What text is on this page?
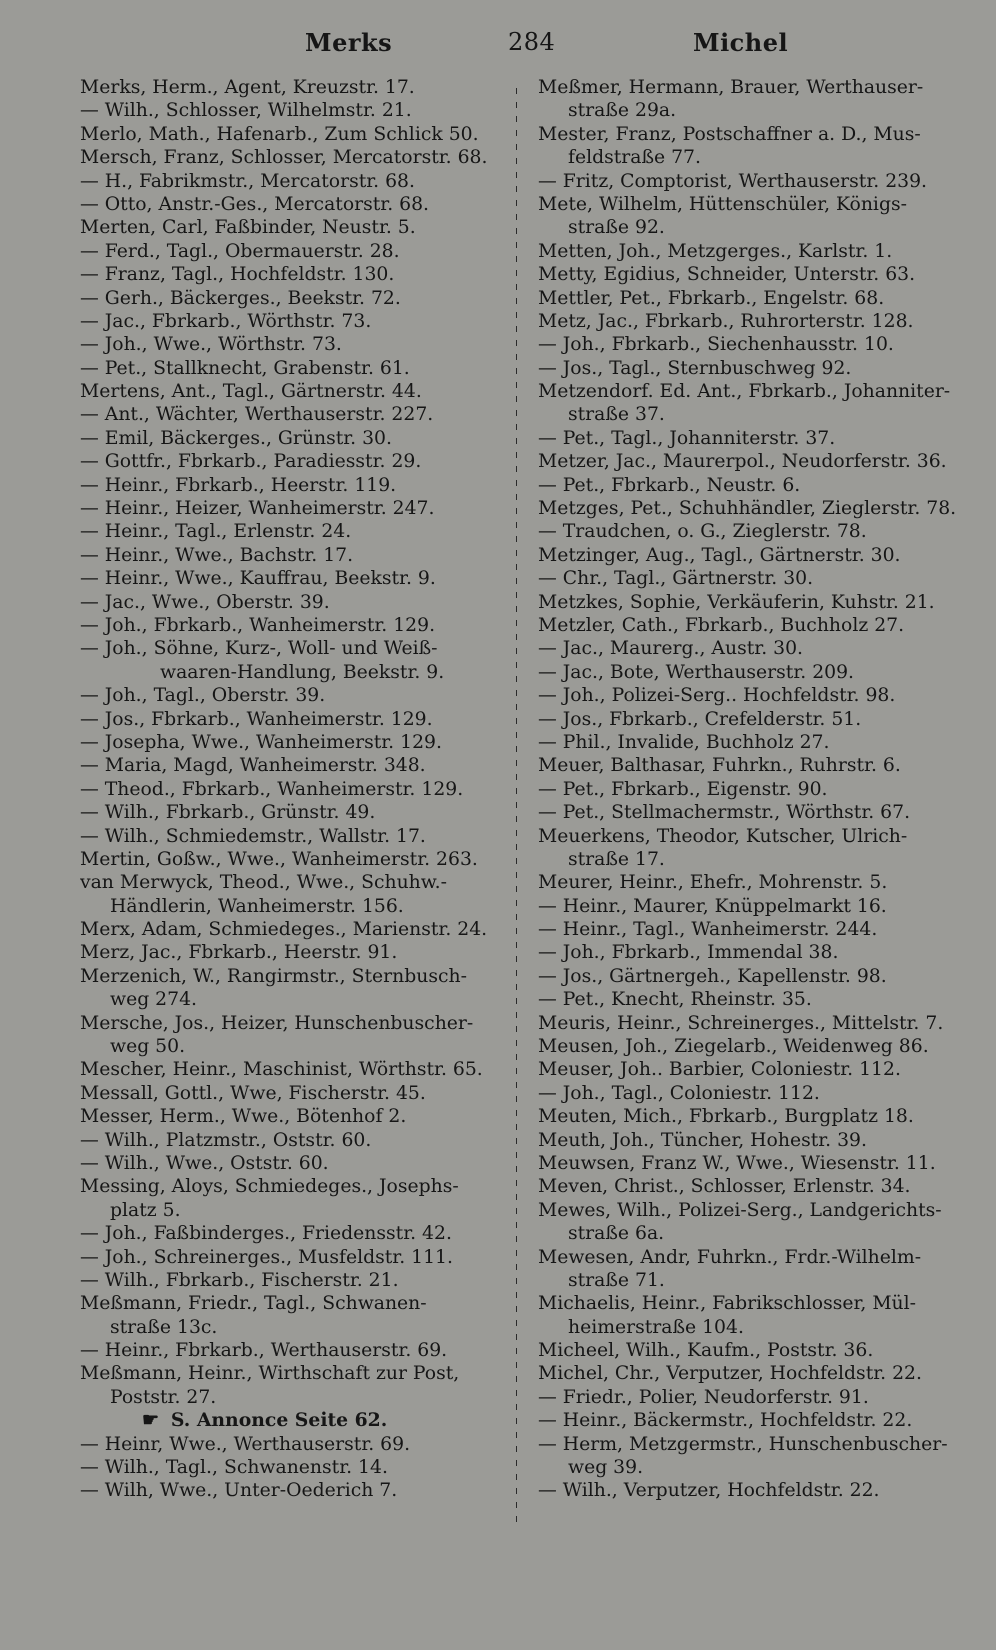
Merks	284	Michel
Merks, Herm., Agent, Kreuzstr. 17.
— Wilh., Schlosser, Wilhelmstr. 21.
Merlo, Math., Hafenarb., Zum Schlick 50.
Mersch, Franz, Schlosser, Mercatorstr. 68.
— H., Fabrikmstr., Mercatorstr. 68.
— Otto, Anstr.-Ges., Mercatorstr. 68.
Merten, Carl, Faßbinder, Neustr. 5.
— Ferd., Tagl., Obermauerstr. 28.
— Franz, Tagl., Hochfeldstr. 130.
— Gerh., Bäckerges., Beekstr. 72.
— Jac., Fbrkarb., Wörthstr. 73.
— Joh., Wwe., Wörthstr. 73.
— Pet., Stallknecht, Grabenstr. 61.
Mertens, Ant., Tagl., Gärtnerstr. 44.
— Ant., Wächter, Werthauserstr. 227.
— Emil, Bäckerges., Grünstr. 30.
— Gottfr., Fbrkarb., Paradiesstr. 29.
— Heinr., Fbrkarb., Heerstr. 119.
— Heinr., Heizer, Wanheimerstr. 247.
— Heinr., Tagl., Erlenstr. 24.
— Heinr., Wwe., Bachstr. 17.
— Heinr., Wwe., Kauffrau, Beekstr. 9.
— Jac., Wwe., Oberstr. 39.
— Joh., Fbrkarb., Wanheimerstr. 129.
— Joh., Söhne, Kurz-, Woll- und Weiß-
waaren-Handlung, Beekstr. 9.
— Joh., Tagl., Oberstr. 39.
— Jos., Fbrkarb., Wanheimerstr. 129.
— Josepha, Wwe., Wanheimerstr. 129.
— Maria, Magd, Wanheimerstr. 348.
— Theod., Fbrkarb., Wanheimerstr. 129.
— Wilh., Fbrkarb., Grünstr. 49.
— Wilh., Schmiedemstr., Wallstr. 17.
Mertin, Goßw., Wwe., Wanheimerstr. 263.
van Merwyck, Theod., Wwe., Schuhw.-
Händlerin, Wanheimerstr. 156.
Merx, Adam, Schmiedeges., Marienstr. 24.
Merz, Jac., Fbrkarb., Heerstr. 91.
Merzenich, W., Rangirmstr., Sternbusch-
weg 274.
Mersche, Jos., Heizer, Hunschenbuscher-
weg 50.
Mescher, Heinr., Maschinist, Wörthstr. 65.
Messall, Gottl., Wwe, Fischerstr. 45.
Messer, Herm., Wwe., Bötenhof 2.
— Wilh., Platzmstr., Oststr. 60.
— Wilh., Wwe., Oststr. 60.
Messing, Aloys, Schmiedeges., Josephs-
platz 5.
— Joh., Faßbinderges., Friedensstr. 42.
— Joh., Schreinerges., Musfeldstr. 111.
— Wilh., Fbrkarb., Fischerstr. 21.
Meßmann, Friedr., Tagl., Schwanen-
straße 13c.
— Heinr., Fbrkarb., Werthauserstr. 69.
Meßmann, Heinr., Wirthschaft zur Post,
Poststr. 27.
☛ S. Annonce Seite 62.
— Heinr, Wwe., Werthauserstr. 69.
— Wilh., Tagl., Schwanenstr. 14.
— Wilh, Wwe., Unter-Oederich 7.
Meßmer, Hermann, Brauer, Werthauser-
straße 29a.
Mester, Franz, Postschaffner a. D., Mus-
feldstraße 77.
— Fritz, Comptorist, Werthauserstr. 239.
Mete, Wilhelm, Hüttenschüler, Königs-
straße 92.
Metten, Joh., Metzgerges., Karlstr. 1.
Metty, Egidius, Schneider, Unterstr. 63.
Mettler, Pet., Fbrkarb., Engelstr. 68.
Metz, Jac., Fbrkarb., Ruhrorterstr. 128.
— Joh., Fbrkarb., Siechenhausstr. 10.
— Jos., Tagl., Sternbuschweg 92.
Metzendorf. Ed. Ant., Fbrkarb., Johanniter-
straße 37.
— Pet., Tagl., Johanniterstr. 37.
Metzer, Jac., Maurerpol., Neudorferstr. 36.
— Pet., Fbrkarb., Neustr. 6.
Metzges, Pet., Schuhhändler, Zieglerstr. 78.
— Traudchen, o. G., Zieglerstr. 78.
Metzinger, Aug., Tagl., Gärtnerstr. 30.
— Chr., Tagl., Gärtnerstr. 30.
Metzkes, Sophie, Verkäuferin, Kuhstr. 21.
Metzler, Cath., Fbrkarb., Buchholz 27.
— Jac., Maurerg., Austr. 30.
— Jac., Bote, Werthauserstr. 209.
— Joh., Polizei-Serg.. Hochfeldstr. 98.
— Jos., Fbrkarb., Crefelderstr. 51.
— Phil., Invalide, Buchholz 27.
Meuer, Balthasar, Fuhrkn., Ruhrstr. 6.
— Pet., Fbrkarb., Eigenstr. 90.
— Pet., Stellmachermstr., Wörthstr. 67.
Meuerkens, Theodor, Kutscher, Ulrich-
straße 17.
Meurer, Heinr., Ehefr., Mohrenstr. 5.
— Heinr., Maurer, Knüppelmarkt 16.
— Heinr., Tagl., Wanheimerstr. 244.
— Joh., Fbrkarb., Immendal 38.
— Jos., Gärtnergeh., Kapellenstr. 98.
— Pet., Knecht, Rheinstr. 35.
Meuris, Heinr., Schreinerges., Mittelstr. 7.
Meusen, Joh., Ziegelarb., Weidenweg 86.
Meuser, Joh.. Barbier, Coloniestr. 112.
— Joh., Tagl., Coloniestr. 112.
Meuten, Mich., Fbrkarb., Burgplatz 18.
Meuth, Joh., Tüncher, Hohestr. 39.
Meuwsen, Franz W., Wwe., Wiesenstr. 11.
Meven, Christ., Schlosser, Erlenstr. 34.
Mewes, Wilh., Polizei-Serg., Landgerichts-
straße 6a.
Mewesen, Andr, Fuhrkn., Frdr.-Wilhelm-
straße 71.
Michaelis, Heinr., Fabrikschlosser, Mül-
heimerstraße 104.
Micheel, Wilh., Kaufm., Poststr. 36.
Michel, Chr., Verputzer, Hochfeldstr. 22.
— Friedr., Polier, Neudorferstr. 91.
— Heinr., Bäckermstr., Hochfeldstr. 22.
— Herm, Metzgermstr., Hunschenbuscher-
weg 39.
— Wilh., Verputzer, Hochfeldstr. 22.
